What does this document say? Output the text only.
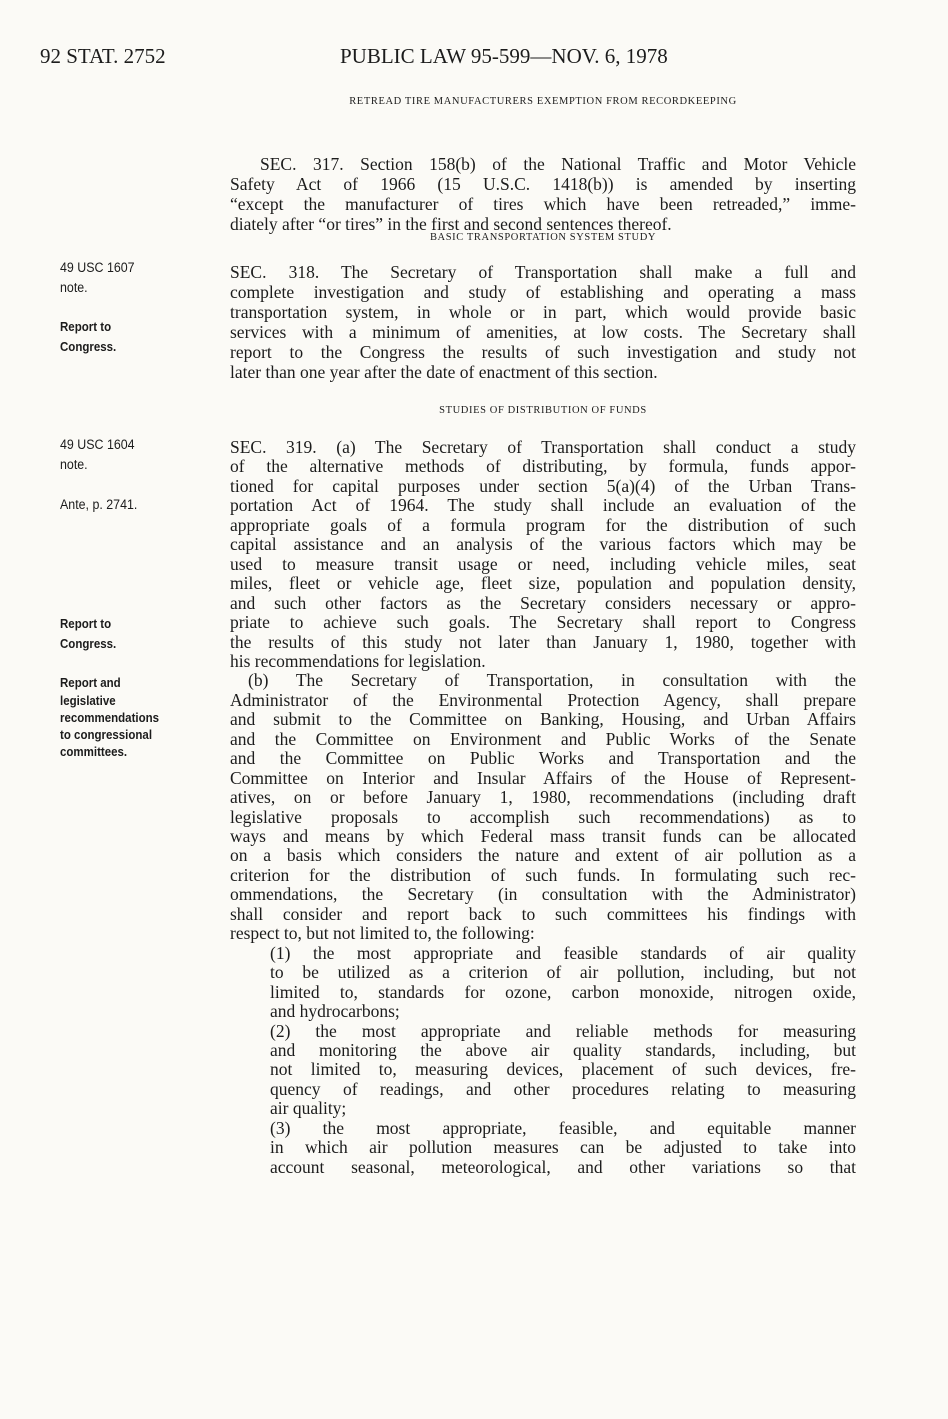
92 STAT. 2752	PUBLIC LAW 95-599—NOV. 6, 1978
RETREAD TIRE MANUFACTURERS EXEMPTION FROM RECORDKEEPING
SEC. 317. Section 158(b) of the National Traffic and Motor Vehicle
Safety Act of 1966 (15 U.S.C. 1418(b)) is amended by inserting
“except the manufacturer of tires which have been retreaded,” imme-
diately after “or tires” in the first and second sentences thereof.
BASIC TRANSPORTATION SYSTEM STUDY
SEC. 318. The Secretary of Transportation shall make a full and
complete investigation and study of establishing and operating a mass
transportation system, in whole or in part, which would provide basic
services with a minimum of amenities, at low costs. The Secretary shall
report to the Congress the results of such investigation and study not
later than one year after the date of enactment of this section.
STUDIES OF DISTRIBUTION OF FUNDS
SEC. 319. (a) The Secretary of Transportation shall conduct a study
of the alternative methods of distributing, by formula, funds appor-
tioned for capital purposes under section 5(a)(4) of the Urban Trans-
portation Act of 1964. The study shall include an evaluation of the
appropriate goals of a formula program for the distribution of such
capital assistance and an analysis of the various factors which may be
used to measure transit usage or need, including vehicle miles, seat
miles, fleet or vehicle age, fleet size, population and population density,
and such other factors as the Secretary considers necessary or appro-
priate to achieve such goals. The Secretary shall report to Congress
the results of this study not later than January 1, 1980, together with
his recommendations for legislation.
(b) The Secretary of Transportation, in consultation with the
Administrator of the Environmental Protection Agency, shall prepare
and submit to the Committee on Banking, Housing, and Urban Affairs
and the Committee on Environment and Public Works of the Senate
and the Committee on Public Works and Transportation and the
Committee on Interior and Insular Affairs of the House of Represent-
atives, on or before January 1, 1980, recommendations (including draft
legislative proposals to accomplish such recommendations) as to
ways and means by which Federal mass transit funds can be allocated
on a basis which considers the nature and extent of air pollution as a
criterion for the distribution of such funds. In formulating such rec-
ommendations, the Secretary (in consultation with the Administrator)
shall consider and report back to such committees his findings with
respect to, but not limited to, the following:
(1) the most appropriate and feasible standards of air quality
to be utilized as a criterion of air pollution, including, but not
limited to, standards for ozone, carbon monoxide, nitrogen oxide,
and hydrocarbons;
(2) the most appropriate and reliable methods for measuring
and monitoring the above air quality standards, including, but
not limited to, measuring devices, placement of such devices, fre-
quency of readings, and other procedures relating to measuring
air quality;
(3) the most appropriate, feasible, and equitable manner
in which air pollution measures can be adjusted to take into
account seasonal, meteorological, and other variations so that
49 USC 1607
note.
Report to
Congress.
49 USC 1604
note.
Ante, p. 2741.
Report to
Congress.
Report and
legislative
recommendations
to congressional
committees.
